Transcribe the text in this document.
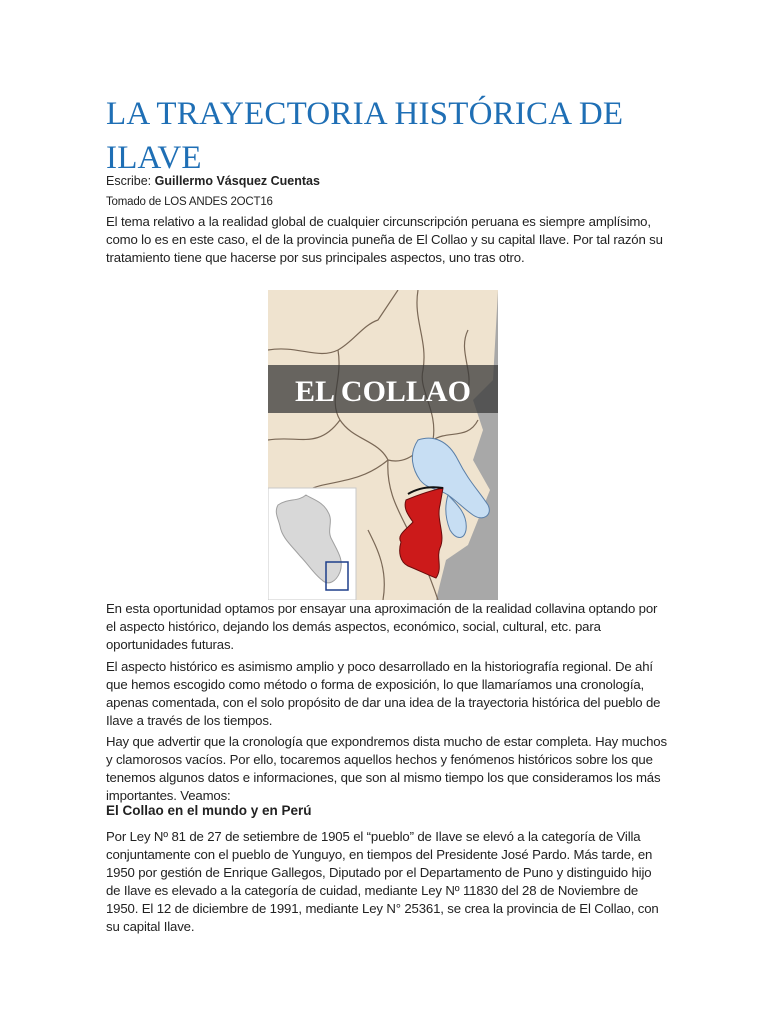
LA TRAYECTORIA HISTÓRICA DE ILAVE
Escribe: Guillermo Vásquez Cuentas
Tomado de LOS ANDES 2OCT16

El tema relativo a la realidad global de cualquier circunscripción peruana es siempre amplísimo, como lo es en este caso, el de la provincia puneña de El Collao y su capital Ilave. Por tal razón su tratamiento tiene que hacerse por sus principales aspectos, uno tras otro.

EL COLLAO

En esta oportunidad optamos por ensayar una aproximación de la realidad collavina optando por el aspecto histórico, dejando los demás aspectos, económico, social, cultural, etc. para oportunidades futuras.

El aspecto histórico es asimismo amplio y poco desarrollado en la historiografía regional. De ahí que hemos escogido como método o forma de exposición, lo que llamaríamos una cronología, apenas comentada, con el solo propósito de dar una idea de la trayectoria histórica del pueblo de Ilave a través de los tiempos.

Hay que advertir que la cronología que expondremos dista mucho de estar completa. Hay muchos y clamorosos vacíos. Por ello, tocaremos aquellos hechos y fenómenos históricos sobre los que tenemos algunos datos e informaciones, que son al mismo tiempo los que consideramos los más importantes. Veamos:

El Collao en el mundo y en Perú

Por Ley Nº 81 de 27 de setiembre de 1905 el “pueblo” de Ilave se elevó a la categoría de Villa conjuntamente con el pueblo de Yunguyo, en tiempos del Presidente José Pardo. Más tarde, en 1950 por gestión de Enrique Gallegos, Diputado por el Departamento de Puno y distinguido hijo de Ilave es elevado a la categoría de cuidad, mediante Ley Nº 11830 del 28 de Noviembre de 1950. El 12 de diciembre de 1991, mediante Ley N° 25361, se crea la provincia de El Collao, con su capital Ilave.
